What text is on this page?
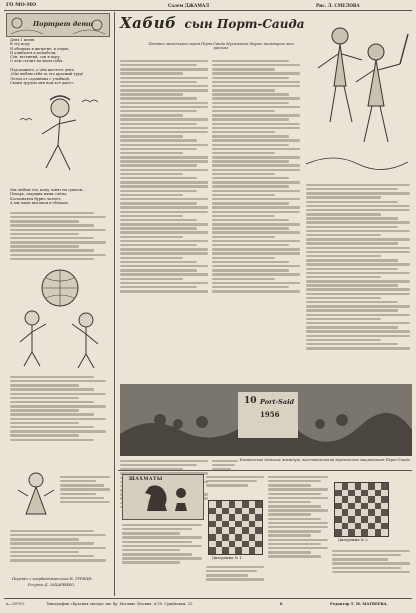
ГО МО-МО	Салем ДЖАМАЛ	Рис. Л. СМЕЛОВА
Портрет дети
День 1 июня.
В эту игру
Я обещала в жетреме, в отдых,
И улыбался в колыбели,
Сон, весенний, сон в пору,
О чем стучит на моем губы...
Подскажите, о чём желтеет день:
«Мы любим тебя за его красный труд!
Летом от садовника с улыбкой,
Своим трудом они нам всё дают».
Мы любим тех, кому ловят на сушьем...
Пекарь, сварщик нами слёзы,
Космонавты бурно лазеют,
А мы-чаще высоком в облаках.
Перевёл с азербайджанского В. ТУРКИН.
Рисунок Д. ЗАХАРЕНКО.
Хабиб сын Порт-Саида
Памяти маленького героя Порт-Саида Мухаммеда Фаути посвящено это рассказ
10 Port-Said
1956
Египетские детские жаждут, восстановлений героических защитников Порт-Саида.
ШАХМАТЫ
Диаграмма № 1
Диаграмма № 2
А—00793.	Типография «Красная звезда» им. бр. Москвы. Москва. А-30. Сущёвская, 21.	8	Редактор Т. М. МАТВЕЕВА.
